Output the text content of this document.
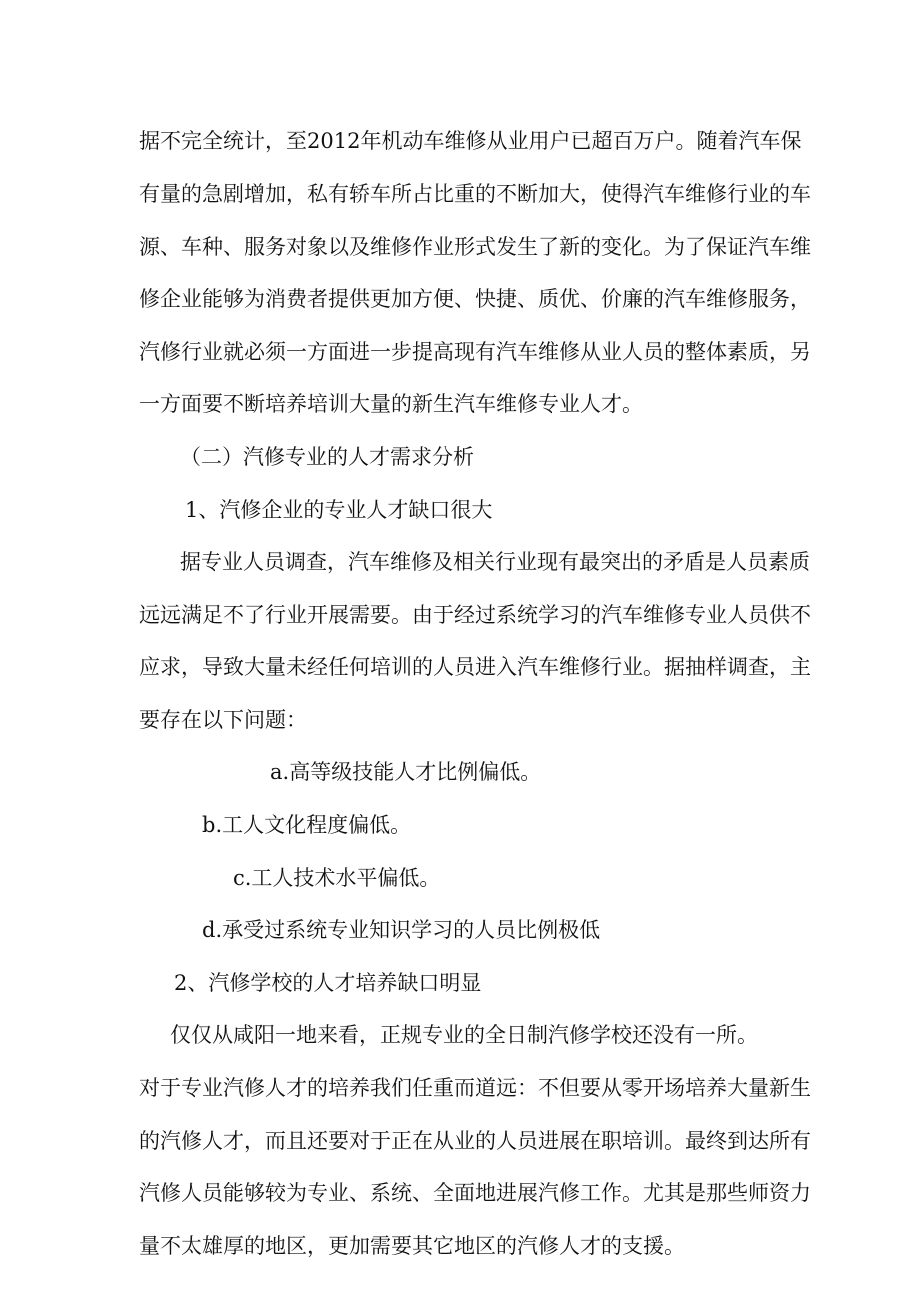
据不完全统计，至2012年机动车维修从业用户已超百万户。随着汽车保
有量的急剧增加，私有轿车所占比重的不断加大，使得汽车维修行业的车
源、车种、服务对象以及维修作业形式发生了新的变化。为了保证汽车维
修企业能够为消费者提供更加方便、快捷、质优、价廉的汽车维修服务，
汽修行业就必须一方面进一步提高现有汽车维修从业人员的整体素质，另
一方面要不断培养培训大量的新生汽车维修专业人才。
（二）汽修专业的人才需求分析
1、汽修企业的专业人才缺口很大
据专业人员调查，汽车维修及相关行业现有最突出的矛盾是人员素质
远远满足不了行业开展需要。由于经过系统学习的汽车维修专业人员供不
应求，导致大量未经任何培训的人员进入汽车维修行业。据抽样调查，主
要存在以下问题：
a.高等级技能人才比例偏低。
b.工人文化程度偏低。
c.工人技术水平偏低。
d.承受过系统专业知识学习的人员比例极低
2、汽修学校的人才培养缺口明显
仅仅从咸阳一地来看，正规专业的全日制汽修学校还没有一所。
对于专业汽修人才的培养我们任重而道远：不但要从零开场培养大量新生
的汽修人才，而且还要对于正在从业的人员进展在职培训。最终到达所有
汽修人员能够较为专业、系统、全面地进展汽修工作。尤其是那些师资力
量不太雄厚的地区，更加需要其它地区的汽修人才的支援。
